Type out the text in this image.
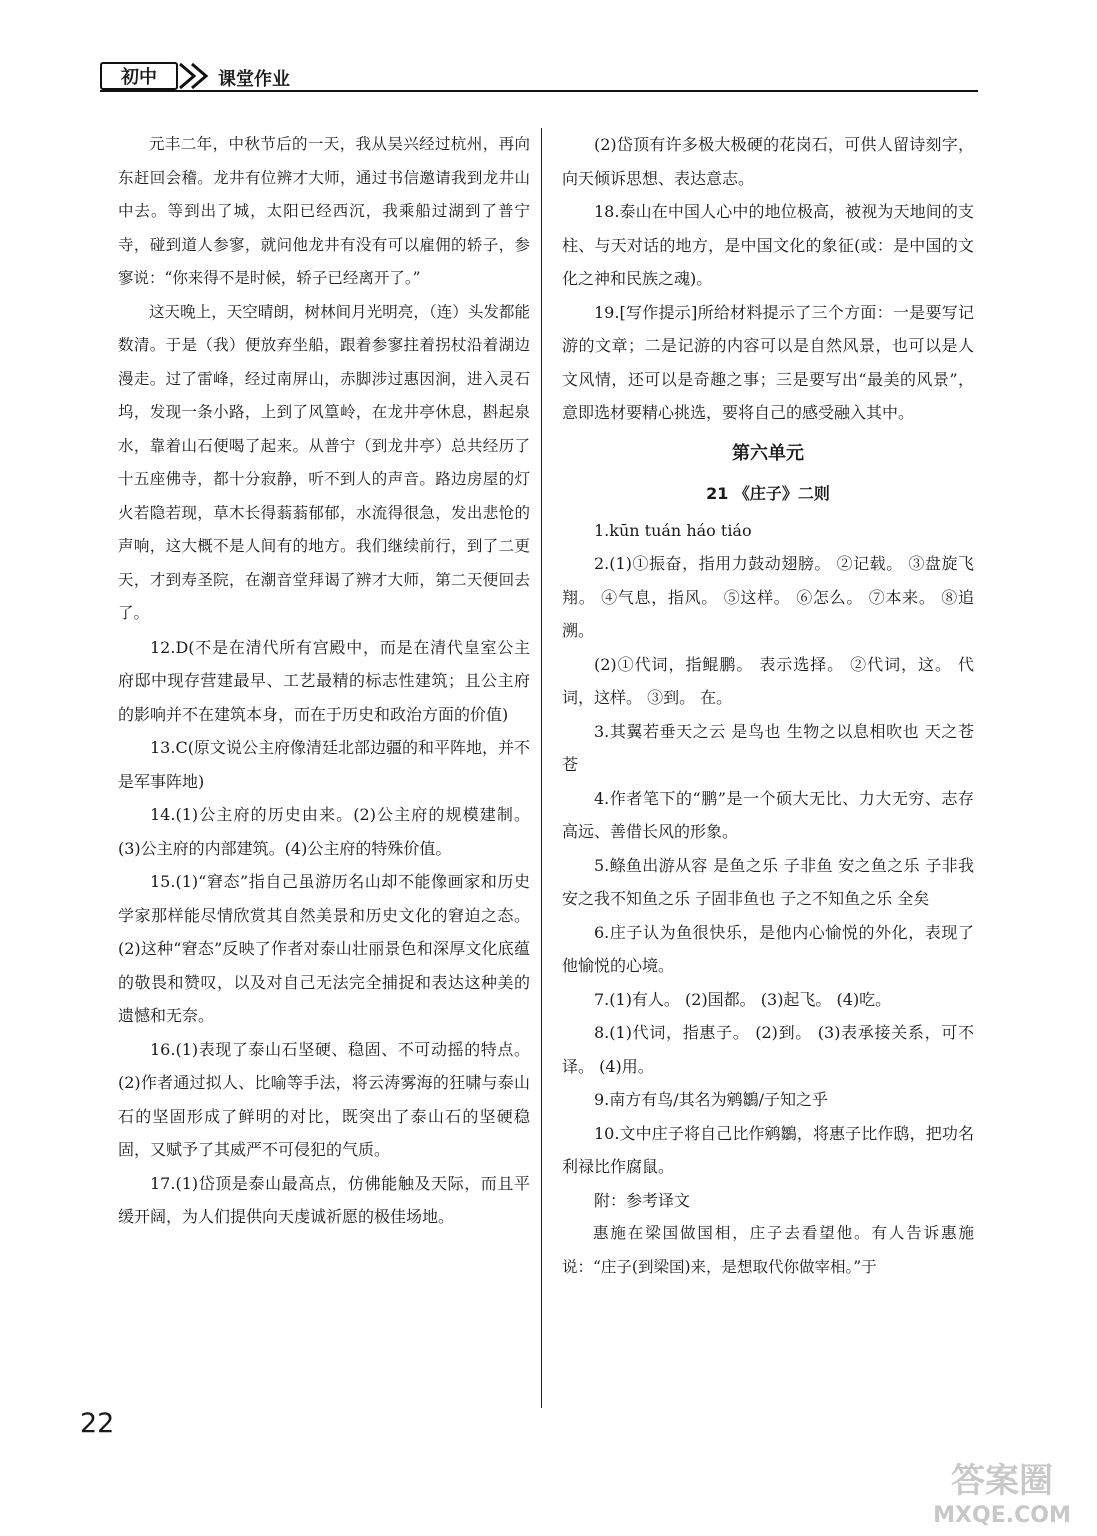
初中	课堂作业

元丰二年，中秋节后的一天，我从吴兴经过杭州，再向东赶回会稽。龙井有位辨才大师，通过书信邀请我到龙井山中去。等到出了城，太阳已经西沉，我乘船过湖到了普宁寺，碰到道人参寥，就问他龙井有没有可以雇佣的轿子，参寥说：“你来得不是时候，轿子已经离开了。”

这天晚上，天空晴朗，树林间月光明亮，（连）头发都能数清。于是（我）便放弃坐船，跟着参寥拄着拐杖沿着湖边漫走。过了雷峰，经过南屏山，赤脚涉过惠因涧，进入灵石坞，发现一条小路，上到了风篁岭，在龙井亭休息，斟起泉水，靠着山石便喝了起来。从普宁（到龙井亭）总共经历了十五座佛寺，都十分寂静，听不到人的声音。路边房屋的灯火若隐若现，草木长得蓊蓊郁郁，水流得很急，发出悲怆的声响，这大概不是人间有的地方。我们继续前行，到了二更天，才到寿圣院，在潮音堂拜谒了辨才大师，第二天便回去了。

12.D(不是在清代所有宫殿中，而是在清代皇室公主府邸中现存营建最早、工艺最精的标志性建筑；且公主府的影响并不在建筑本身，而在于历史和政治方面的价值)

13.C(原文说公主府像清廷北部边疆的和平阵地，并不是军事阵地)

14.(1)公主府的历史由来。(2)公主府的规模建制。(3)公主府的内部建筑。(4)公主府的特殊价值。

15.(1)“窘态”指自己虽游历名山却不能像画家和历史学家那样能尽情欣赏其自然美景和历史文化的窘迫之态。 (2)这种“窘态”反映了作者对泰山壮丽景色和深厚文化底蕴的敬畏和赞叹，以及对自己无法完全捕捉和表达这种美的遗憾和无奈。

16.(1)表现了泰山石坚硬、稳固、不可动摇的特点。 (2)作者通过拟人、比喻等手法，将云涛雾海的狂啸与泰山石的坚固形成了鲜明的对比，既突出了泰山石的坚硬稳固，又赋予了其威严不可侵犯的气质。

17.(1)岱顶是泰山最高点，仿佛能触及天际，而且平缓开阔，为人们提供向天虔诚祈愿的极佳场地。

(2)岱顶有许多极大极硬的花岗石，可供人留诗刻字，向天倾诉思想、表达意志。

18.泰山在中国人心中的地位极高，被视为天地间的支柱、与天对话的地方，是中国文化的象征(或：是中国的文化之神和民族之魂)。

19.[写作提示]所给材料提示了三个方面：一是要写记游的文章；二是记游的内容可以是自然风景，也可以是人文风情，还可以是奇趣之事；三是要写出“最美的风景”，意即选材要精心挑选，要将自己的感受融入其中。

第六单元

21 《庄子》二则

1.kūn tuán háo tiáo

2.(1)①振奋，指用力鼓动翅膀。 ②记载。 ③盘旋飞翔。 ④气息，指风。 ⑤这样。 ⑥怎么。 ⑦本来。 ⑧追溯。

(2)①代词，指鲲鹏。 表示选择。 ②代词，这。 代词，这样。 ③到。 在。

3.其翼若垂天之云 是鸟也 生物之以息相吹也 天之苍苍

4.作者笔下的“鹏”是一个硕大无比、力大无穷、志存高远、善借长风的形象。

5.鲦鱼出游从容 是鱼之乐 子非鱼 安之鱼之乐 子非我 安之我不知鱼之乐 子固非鱼也 子之不知鱼之乐 全矣

6.庄子认为鱼很快乐，是他内心愉悦的外化，表现了他愉悦的心境。

7.(1)有人。 (2)国都。 (3)起飞。 (4)吃。

8.(1)代词，指惠子。 (2)到。 (3)表承接关系，可不译。 (4)用。

9.南方有鸟/其名为鹓鶵/子知之乎

10.文中庄子将自己比作鹓鶵，将惠子比作鸱，把功名利禄比作腐鼠。

附：参考译文

惠施在梁国做国相，庄子去看望他。有人告诉惠施说：“庄子(到梁国)来，是想取代你做宰相。”于

22
答案圈
MXQE.COM
